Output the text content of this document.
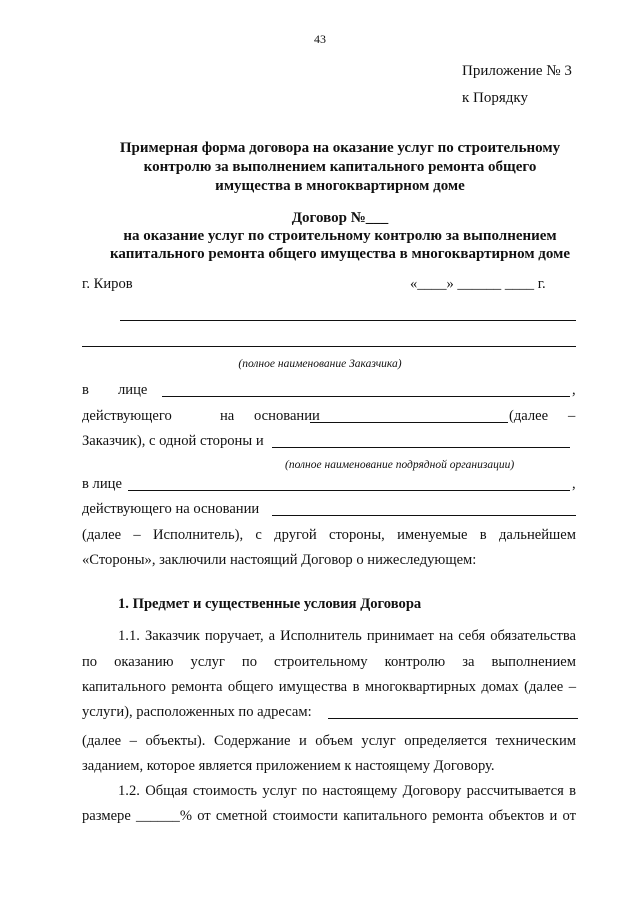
43
Приложение № 3
к Порядку
Примерная форма договора на оказание услуг по строительному
контролю за выполнением капитального ремонта общего
имущества в многоквартирном доме
Договор №___
на оказание услуг по строительному контролю за выполнением
капитального ремонта общего имущества в многоквартирном доме
г. Киров	«____» ______ ____ г.
(полное наименование Заказчика)
в лице	,
действующего	на основании	(далее –
Заказчик), с одной стороны и
(полное наименование подрядной организации)
в лице	,
действующего на основании
(далее – Исполнитель), с другой стороны, именуемые в дальнейшем
«Стороны», заключили настоящий Договор о нижеследующем:
1. Предмет и существенные условия Договора
1.1. Заказчик поручает, а Исполнитель принимает на себя обязательства
по оказанию услуг по строительному контролю за выполнением
капитального ремонта общего имущества в многоквартирных домах (далее –
услуги), расположенных по адресам:
(далее – объекты). Содержание и объем услуг определяется техническим
заданием, которое является приложением к настоящему Договору.
1.2. Общая стоимость услуг по настоящему Договору рассчитывается в
размере ______% от сметной стоимости капитального ремонта объектов и от
